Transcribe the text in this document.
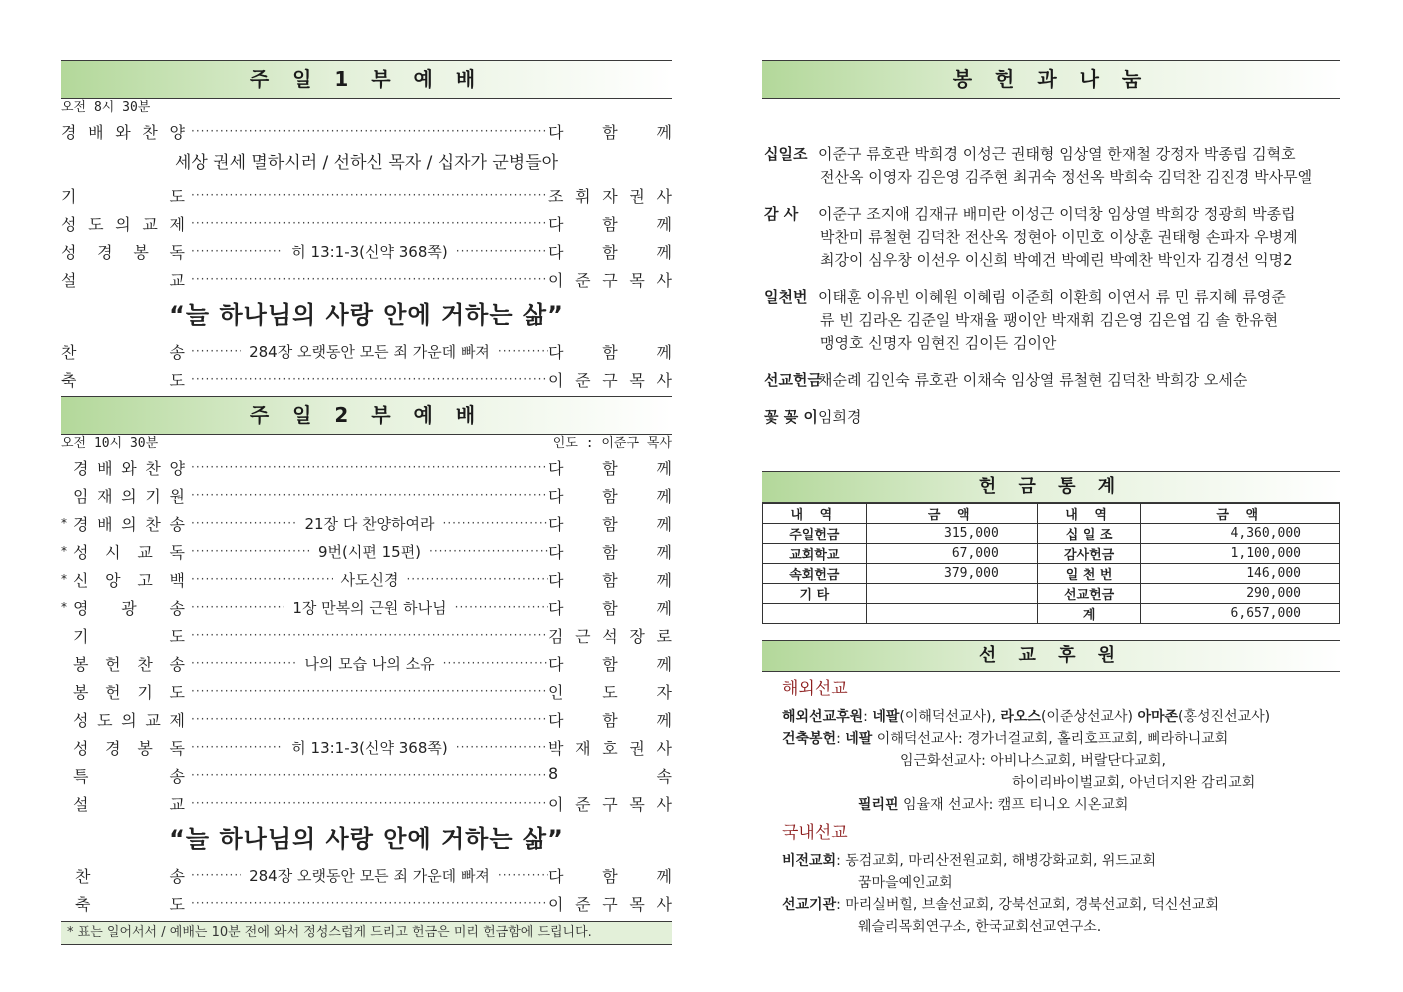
주 일 1 부 예 배
오전 8시 30분
경 배 와 찬 양 ·····	다 함 께
세상 권세 멸하시러 / 선하신 목자 / 십자가 군병들아
기	도 ·····	조 휘 자 권 사
성 도 의 교 제 ·····	다 함 께
성 경 봉 독 ·····	히 13:1-3(신약 368쪽) ·····	다 함 께
설	교 ·····	이 준 구 목 사
“늘 하나님의 사랑 안에 거하는 삶”
찬	송 ·····	284장 오랫동안 모든 죄 가운데 빠져 ·····	다 함 께
축	도 ·····	이 준 구 목 사
주 일 2 부 예 배
오전 10시 30분	인도 : 이준구 목사
경 배 와 찬 양 ·····	다 함 께
임 재 의 기 원 ·····	다 함 께
* 경 배 의 찬 송 ·····	21장 다 찬양하여라 ·····	다 함 께
* 성 시 교 독 ·····	9번(시편 15편) ·····	다 함 께
* 신 앙 고 백 ·····	사도신경 ·····	다 함 께
* 영 광 송 ·····	1장 만복의 근원 하나님 ·····	다 함 께
기	도 ·····	김 근 석 장 로
봉 헌 찬 송 ·····	나의 모습 나의 소유 ·····	다 함 께
봉 헌 기 도 ·····	인 도 자
성 도 의 교 제 ·····	다 함 께
성 경 봉 독 ·····	히 13:1-3(신약 368쪽) ·····	박 재 호 권 사
특	송 ·····	8	속
설	교 ·····	이 준 구 목 사
“늘 하나님의 사랑 안에 거하는 삶”
찬	송 ·····	284장 오랫동안 모든 죄 가운데 빠져 ·····	다 함 께
축	도 ·····	이 준 구 목 사
* 표는 일어서서 / 예배는 10분 전에 와서 정성스럽게 드리고 헌금은 미리 헌금함에 드립니다.
봉 헌 과 나 눔
십일조 이준구 류호관 박희경 이성근 권태형 임상열 한재철 강정자 박종립 김혁호
전산옥 이영자 김은영 김주현 최귀숙 정선옥 박희숙 김덕찬 김진경 박사무엘
감 사 이준구 조지애 김재규 배미란 이성근 이덕창 임상열 박희강 정광희 박종립
박찬미 류철현 김덕찬 전산옥 정현아 이민호 이상훈 권태형 손파자 우병계
최강이 심우창 이선우 이신희 박예건 박예린 박예찬 박인자 김경선 익명2
일천번 이태훈 이유빈 이혜원 이혜림 이준희 이환희 이연서 류 민 류지혜 류영준
류 빈 김라온 김준일 박재율 팽이안 박재휘 김은영 김은엽 김 솔 한유현
맹영호 신명자 임현진 김이든 김이안
선교헌금채순례 김인숙 류호관 이채숙 임상열 류철현 김덕찬 박희강 오세순
꽃 꽂 이임희경
헌 금 통 계
내 역	금 액	내 역	금 액
주일헌금	315,000	십 일 조	4,360,000
교회학교	67,000	감사헌금	1,100,000
속회헌금	379,000	일 천 번	146,000
기 타		선교헌금	290,000
		계	6,657,000
선 교 후 원
해외선교
해외선교후원: 네팔(이해덕선교사), 라오스(이준상선교사) 아마존(홍성진선교사)
건축봉헌: 네팔 이해덕선교사: 경가너걸교회, 홀리호프교회, 삐라하니교회
임근화선교사: 아비나스교회, 버랄단다교회,
하이리바이벌교회, 아넌더지완 감리교회
필리핀 임율재 선교사: 캠프 티니오 시온교회
국내선교
비전교회: 동검교회, 마리산전원교회, 해병강화교회, 위드교회
꿈마을예인교회
선교기관: 마리실버힐, 브솔선교회, 강북선교회, 경북선교회, 덕신선교회
웨슬리목회연구소, 한국교회선교연구소.
